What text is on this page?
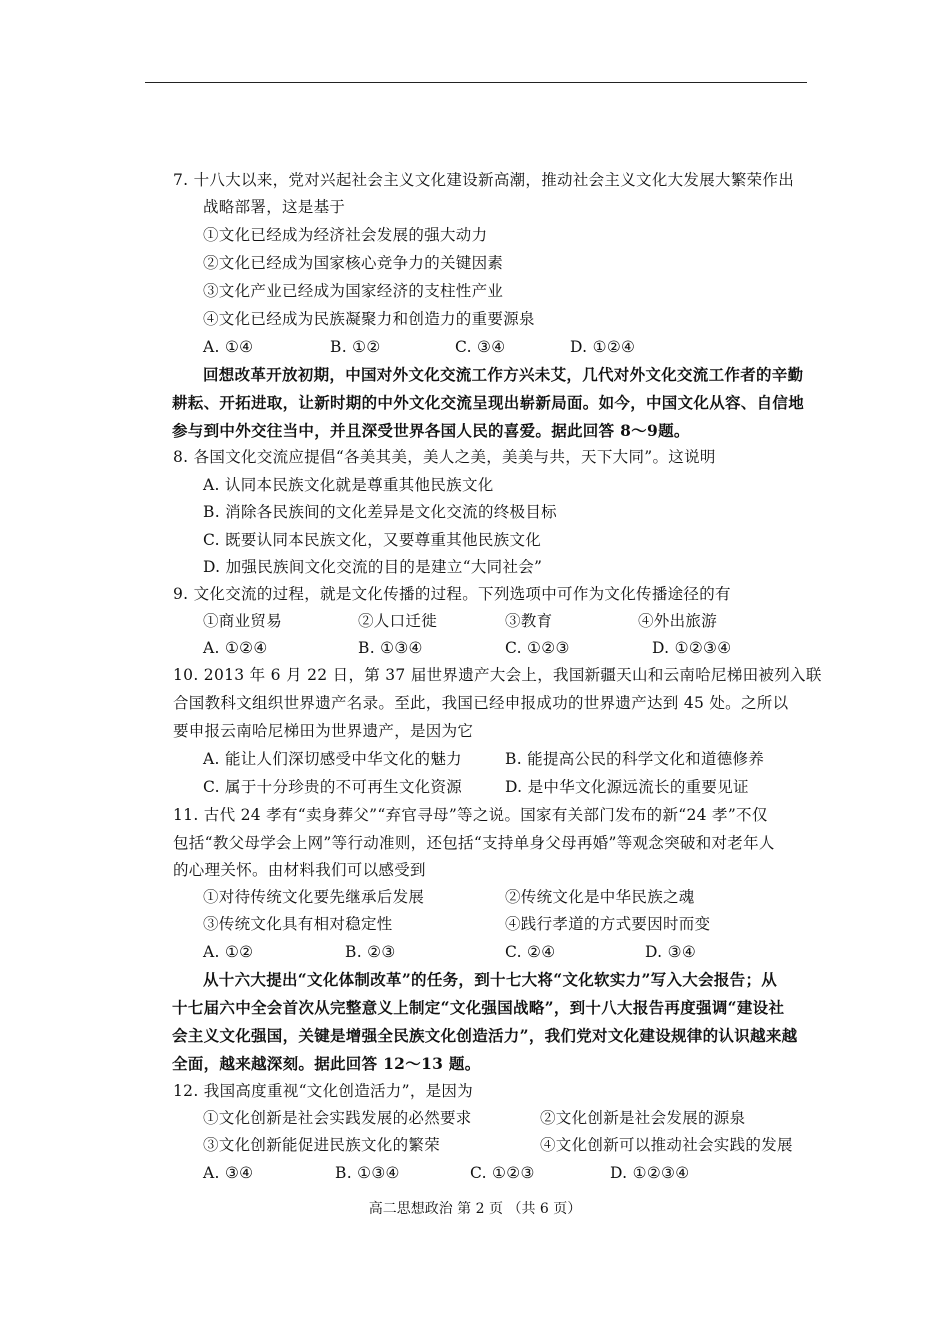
7. 十八大以来，党对兴起社会主义文化建设新高潮，推动社会主义文化大发展大繁荣作出
战略部署，这是基于
①文化已经成为经济社会发展的强大动力
②文化已经成为国家核心竞争力的关键因素
③文化产业已经成为国家经济的支柱性产业
④文化已经成为民族凝聚力和创造力的重要源泉
A. ①④	B. ①②	C. ③④	D. ①②④
回想改革开放初期，中国对外文化交流工作方兴未艾，几代对外文化交流工作者的辛勤
耕耘、开拓进取，让新时期的中外文化交流呈现出崭新局面。如今，中国文化从容、自信地
参与到中外交往当中，并且深受世界各国人民的喜爱。据此回答 8～9题。
8. 各国文化交流应提倡“各美其美，美人之美，美美与共，天下大同”。这说明
A. 认同本民族文化就是尊重其他民族文化
B. 消除各民族间的文化差异是文化交流的终极目标
C. 既要认同本民族文化，又要尊重其他民族文化
D. 加强民族间文化交流的目的是建立“大同社会”
9. 文化交流的过程，就是文化传播的过程。下列选项中可作为文化传播途径的有
①商业贸易	②人口迁徙	③教育	④外出旅游
A. ①②④	B. ①③④	C. ①②③	D. ①②③④
10. 2013 年 6 月 22 日，第 37 届世界遗产大会上，我国新疆天山和云南哈尼梯田被列入联
合国教科文组织世界遗产名录。至此，我国已经申报成功的世界遗产达到 45 处。之所以
要申报云南哈尼梯田为世界遗产，是因为它
A. 能让人们深切感受中华文化的魅力	B. 能提高公民的科学文化和道德修养
C. 属于十分珍贵的不可再生文化资源	D. 是中华文化源远流长的重要见证
11. 古代 24 孝有“卖身葬父”“弃官寻母”等之说。国家有关部门发布的新“24 孝”不仅
包括“教父母学会上网”等行动准则，还包括“支持单身父母再婚”等观念突破和对老年人
的心理关怀。由材料我们可以感受到
①对待传统文化要先继承后发展	②传统文化是中华民族之魂
③传统文化具有相对稳定性	④践行孝道的方式要因时而变
A. ①②	B. ②③	C. ②④	D. ③④
从十六大提出“文化体制改革”的任务，到十七大将“文化软实力”写入大会报告；从
十七届六中全会首次从完整意义上制定“文化强国战略”，到十八大报告再度强调“建设社
会主义文化强国，关键是增强全民族文化创造活力”，我们党对文化建设规律的认识越来越
全面，越来越深刻。据此回答 12～13 题。
12. 我国高度重视“文化创造活力”，是因为
①文化创新是社会实践发展的必然要求	②文化创新是社会发展的源泉
③文化创新能促进民族文化的繁荣	④文化创新可以推动社会实践的发展
A. ③④	B. ①③④	C. ①②③	D. ①②③④
高二思想政治 第 2 页 （共 6 页）
